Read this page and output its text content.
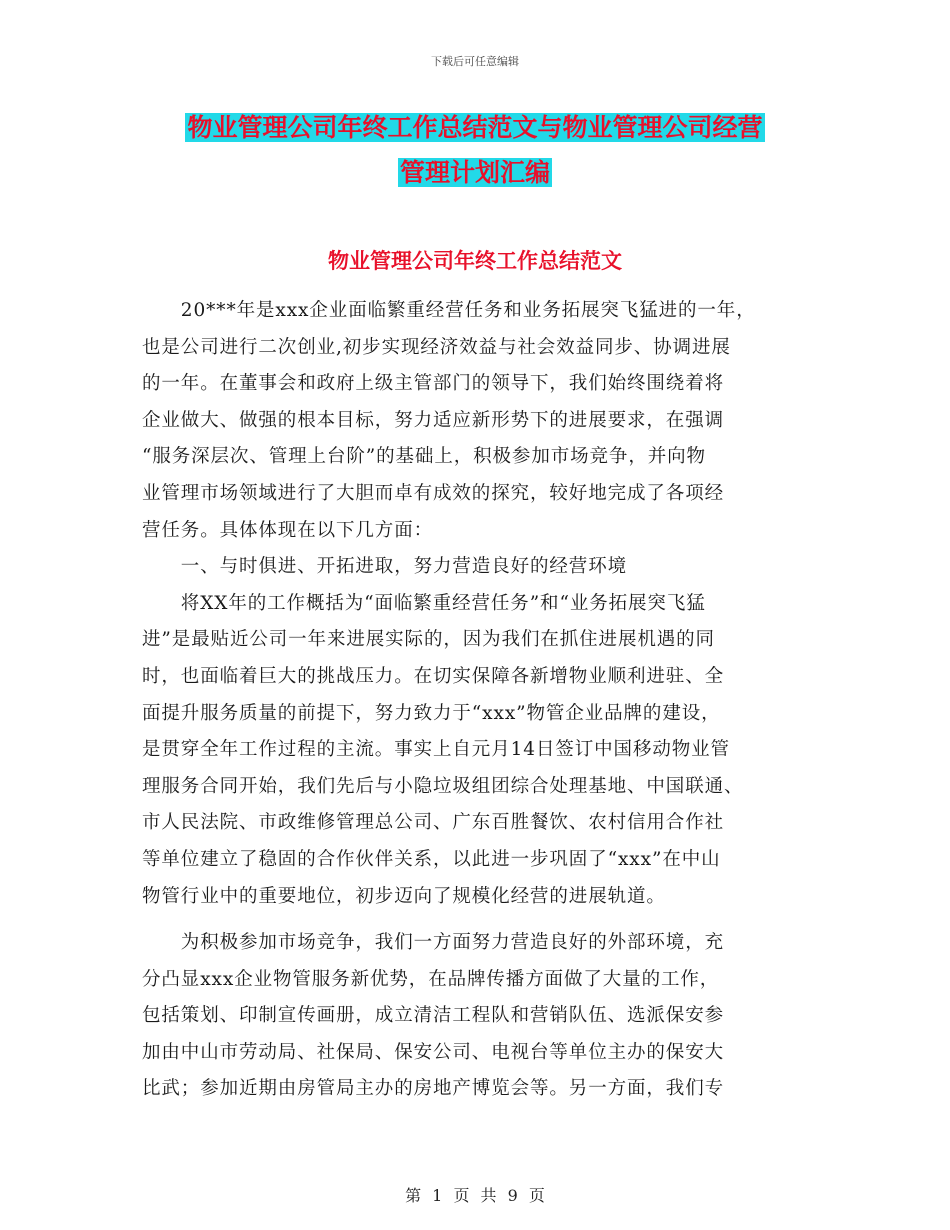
下载后可任意编辑
物业管理公司年终工作总结范文与物业管理公司经营
管理计划汇编
物业管理公司年终工作总结范文

　　20***年是xxx企业面临繁重经营任务和业务拓展突飞猛进的一年，

也是公司进行二次创业,初步实现经济效益与社会效益同步、协调进展

的一年。在董事会和政府上级主管部门的领导下，我们始终围绕着将

企业做大、做强的根本目标，努力适应新形势下的进展要求，在强调

“服务深层次、管理上台阶”的基础上，积极参加市场竞争，并向物

业管理市场领域进行了大胆而卓有成效的探究，较好地完成了各项经

营任务。具体体现在以下几方面：

　　一、与时俱进、开拓进取，努力营造良好的经营环境

　　将XX年的工作概括为“面临繁重经营任务”和“业务拓展突飞猛

进”是最贴近公司一年来进展实际的，因为我们在抓住进展机遇的同

时，也面临着巨大的挑战压力。在切实保障各新增物业顺利进驻、全

面提升服务质量的前提下，努力致力于“xxx”物管企业品牌的建设，

是贯穿全年工作过程的主流。事实上自元月14日签订中国移动物业管

理服务合同开始，我们先后与小隐垃圾组团综合处理基地、中国联通、

市人民法院、市政维修管理总公司、广东百胜餐饮、农村信用合作社

等单位建立了稳固的合作伙伴关系，以此进一步巩固了“xxx”在中山

物管行业中的重要地位，初步迈向了规模化经营的进展轨道。

　　为积极参加市场竞争，我们一方面努力营造良好的外部环境，充

分凸显xxx企业物管服务新优势，在品牌传播方面做了大量的工作，

包括策划、印制宣传画册，成立清洁工程队和营销队伍、选派保安参

加由中山市劳动局、社保局、保安公司、电视台等单位主办的保安大

比武；参加近期由房管局主办的房地产博览会等。另一方面，我们专

第 1 页 共 9 页
